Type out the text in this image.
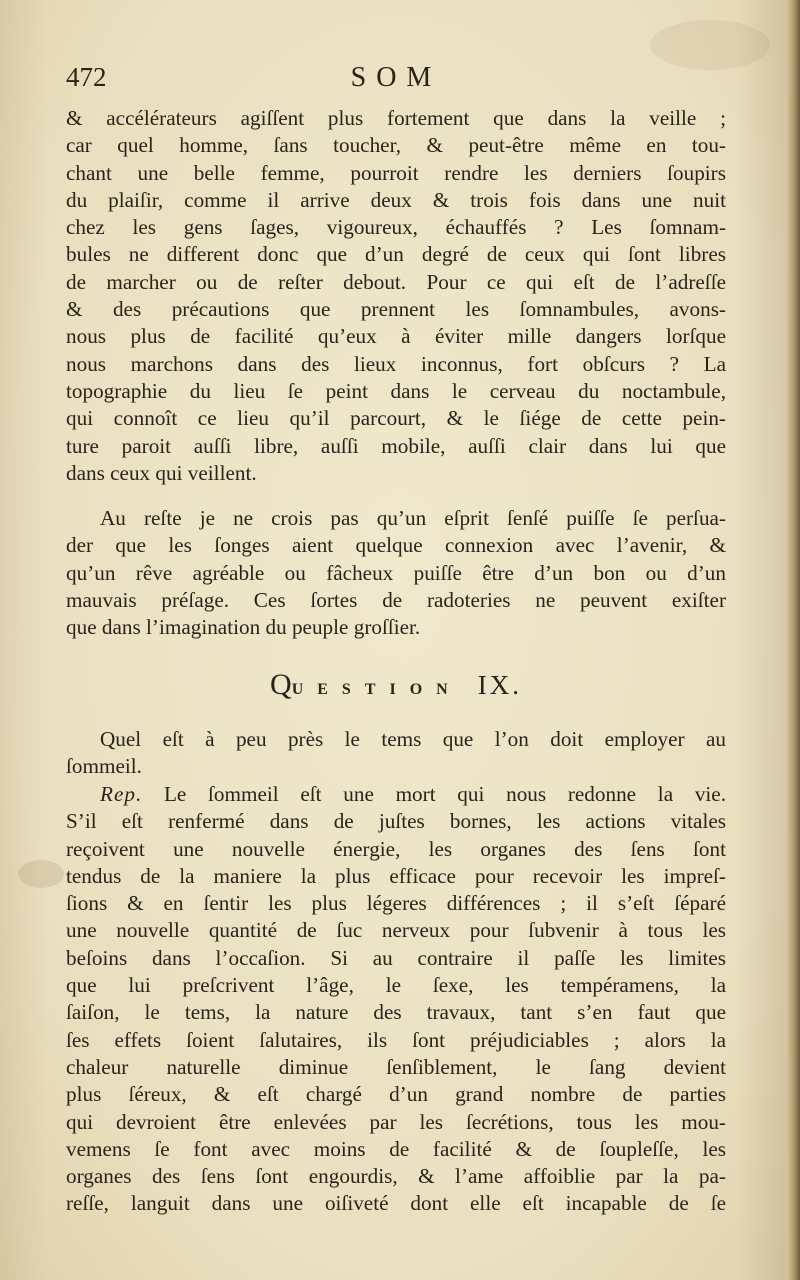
472	SOM
& accélérateurs agiſſent plus fortement que dans la veille ;
car quel homme, ſans toucher, & peut-être même en tou-
chant une belle femme, pourroit rendre les derniers ſoupirs
du plaiſir, comme il arrive deux & trois fois dans une nuit
chez les gens ſages, vigoureux, échauffés ? Les ſomnam-
bules ne different donc que d’un degré de ceux qui ſont libres
de marcher ou de reſter debout. Pour ce qui eſt de l’adreſſe
& des précautions que prennent les ſomnambules, avons-
nous plus de facilité qu’eux à éviter mille dangers lorſque
nous marchons dans des lieux inconnus, fort obſcurs ? La
topographie du lieu ſe peint dans le cerveau du noctambule,
qui connoît ce lieu qu’il parcourt, & le ſiége de cette pein-
ture paroit auſſi libre, auſſi mobile, auſſi clair dans lui que
dans ceux qui veillent.
Au reſte je ne crois pas qu’un eſprit ſenſé puiſſe ſe perſua-
der que les ſonges aient quelque connexion avec l’avenir, &
qu’un rêve agréable ou fâcheux puiſſe être d’un bon ou d’un
mauvais préſage. Ces ſortes de radoteries ne peuvent exiſter
que dans l’imagination du peuple groſſier.
QUESTION IX.
Quel eſt à peu près le tems que l’on doit employer au
ſommeil.
Rep. Le ſommeil eſt une mort qui nous redonne la vie.
S’il eſt renfermé dans de juſtes bornes, les actions vitales
reçoivent une nouvelle énergie, les organes des ſens ſont
tendus de la maniere la plus efficace pour recevoir les impreſ-
ſions & en ſentir les plus légeres différences ; il s’eſt ſéparé
une nouvelle quantité de ſuc nerveux pour ſubvenir à tous les
beſoins dans l’occaſion. Si au contraire il paſſe les limites
que lui preſcrivent l’âge, le ſexe, les tempéramens, la
ſaiſon, le tems, la nature des travaux, tant s’en faut que
ſes effets ſoient ſalutaires, ils ſont préjudiciables ; alors la
chaleur naturelle diminue ſenſiblement, le ſang devient
plus ſéreux, & eſt chargé d’un grand nombre de parties
qui devroient être enlevées par les ſecrétions, tous les mou-
vemens ſe font avec moins de facilité & de ſoupleſſe, les
organes des ſens ſont engourdis, & l’ame affoiblie par la pa-
reſſe, languit dans une oiſiveté dont elle eſt incapable de ſe
